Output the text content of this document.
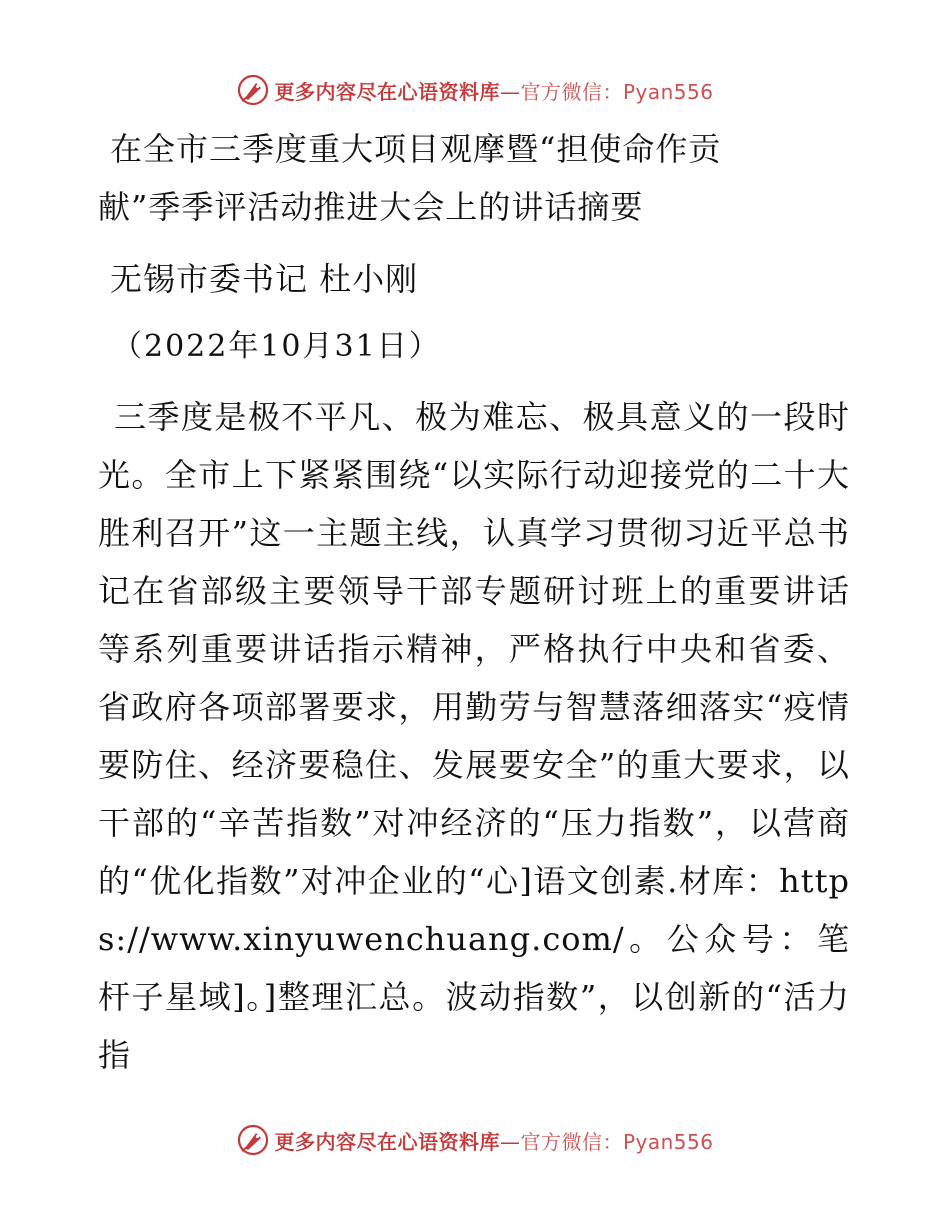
更多内容尽在心语资料库—官方微信：Pyan556
在全市三季度重大项目观摩暨“担使命作贡
献”季季评活动推进大会上的讲话摘要

无锡市委书记 杜小刚

（2022年10月31日）

三季度是极不平凡、极为难忘、极具意义的一段时光。全市上下紧紧围绕“以实际行动迎接党的二十大胜利召开”这一主题主线，认真学习贯彻习近平总书记在省部级主要领导干部专题研讨班上的重要讲话等系列重要讲话指示精神，严格执行中央和省委、省政府各项部署要求，用勤劳与智慧落细落实“疫情要防住、经济要稳住、发展要安全”的重大要求，以干部的“辛苦指数”对冲经济的“压力指数”，以营商的“优化指数”对冲企业的“心]语文创素.材库：https://www.xinyuwenchuang.com/。公众号：笔杆子星域]。]整理汇总。波动指数”，以创新的“活力指

更多内容尽在心语资料库—官方微信：Pyan556
